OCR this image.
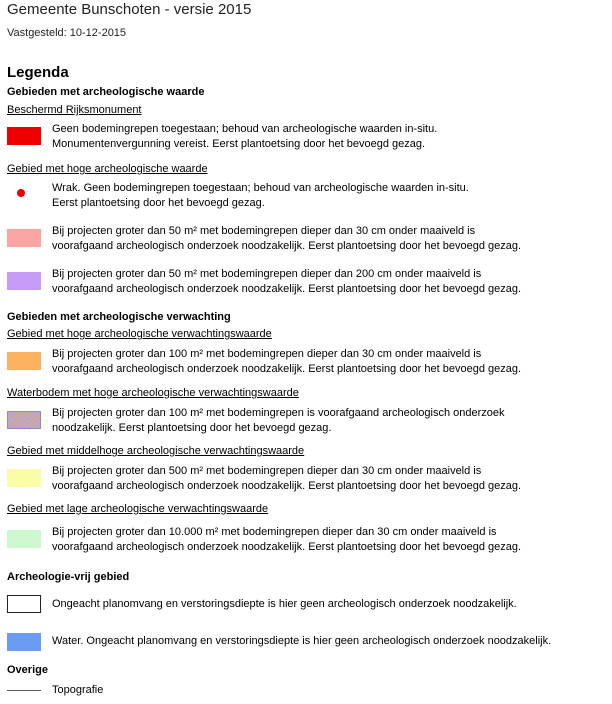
Gemeente Bunschoten - versie 2015
Vastgesteld: 10-12-2015
Legenda
Gebieden met archeologische waarde
Beschermd Rijksmonument
Geen bodemingrepen toegestaan; behoud van archeologische waarden in-situ.
Monumentenvergunning vereist. Eerst plantoetsing door het bevoegd gezag.
Gebied met hoge archeologische waarde
Wrak. Geen bodemingrepen toegestaan; behoud van archeologische waarden in-situ.
Eerst plantoetsing door het bevoegd gezag.
Bij projecten groter dan 50 m² met bodemingrepen dieper dan 30 cm onder maaiveld is
voorafgaand archeologisch onderzoek noodzakelijk. Eerst plantoetsing door het bevoegd gezag.
Bij projecten groter dan 50 m² met bodemingrepen dieper dan 200 cm onder maaiveld is
voorafgaand archeologisch onderzoek noodzakelijk. Eerst plantoetsing door het bevoegd gezag.
Gebieden met archeologische verwachting
Gebied met hoge archeologische verwachtingswaarde
Bij projecten groter dan 100 m² met bodemingrepen dieper dan 30 cm onder maaiveld is
voorafgaand archeologisch onderzoek noodzakelijk. Eerst plantoetsing door het bevoegd gezag.
Waterbodem met hoge archeologische verwachtingswaarde
Bij projecten groter dan 100 m² met bodemingrepen is voorafgaand archeologisch onderzoek
noodzakelijk. Eerst plantoetsing door het bevoegd gezag.
Gebied met middelhoge archeologische verwachtingswaarde
Bij projecten groter dan 500 m² met bodemingrepen dieper dan 30 cm onder maaiveld is
voorafgaand archeologisch onderzoek noodzakelijk. Eerst plantoetsing door het bevoegd gezag.
Gebied met lage archeologische verwachtingswaarde
Bij projecten groter dan 10.000 m² met bodemingrepen dieper dan 30 cm onder maaiveld is
voorafgaand archeologisch onderzoek noodzakelijk. Eerst plantoetsing door het bevoegd gezag.
Archeologie-vrij gebied
Ongeacht planomvang en verstoringsdiepte is hier geen archeologisch onderzoek noodzakelijk.
Water. Ongeacht planomvang en verstoringsdiepte is hier geen archeologisch onderzoek noodzakelijk.
Overige
Topografie
